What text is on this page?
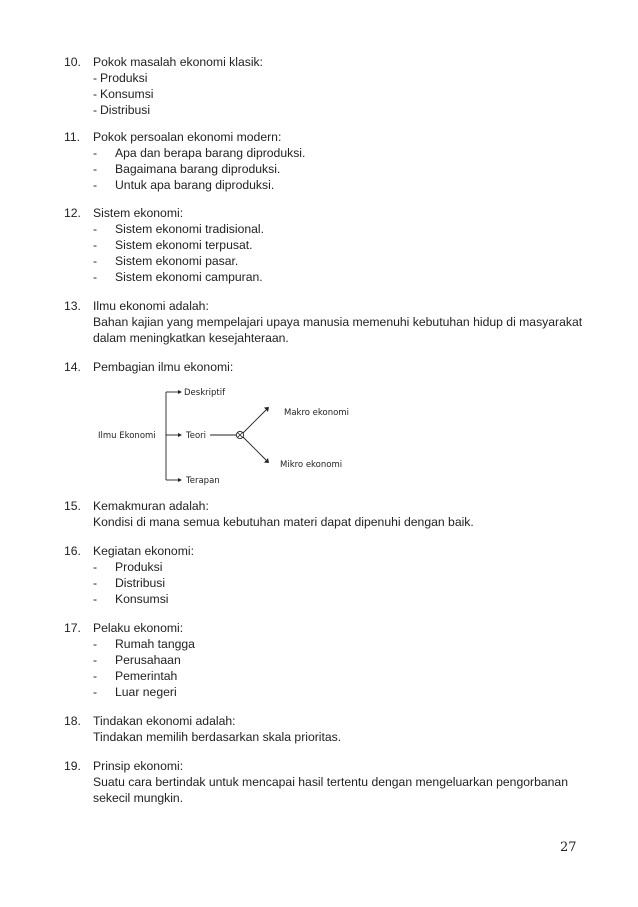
10. Pokok masalah ekonomi klasik:
- Produksi
- Konsumsi
- Distribusi
11.	Pokok persoalan ekonomi modern:
-	Apa dan berapa barang diproduksi.
-	Bagaimana barang diproduksi.
-	Untuk apa barang diproduksi.
12. Sistem ekonomi:
-	Sistem ekonomi tradisional.
-	Sistem ekonomi terpusat.
-	Sistem ekonomi pasar.
-	Sistem ekonomi campuran.
13. Ilmu ekonomi adalah:
Bahan kajian yang mempelajari upaya manusia memenuhi kebutuhan hidup di masyarakat
dalam meningkatkan kesejahteraan.
14. Pembagian ilmu ekonomi:
Deskriptif
Ilmu Ekonomi	Teori
Terapan
Makro ekonomi
Mikro ekonomi
15. Kemakmuran adalah:
Kondisi di mana semua kebutuhan materi dapat dipenuhi dengan baik.
16. Kegiatan ekonomi:
-	Produksi
-	Distribusi
-	Konsumsi
17. Pelaku ekonomi:
-	Rumah tangga
-	Perusahaan
-	Pemerintah
-	Luar negeri
18. Tindakan ekonomi adalah:
Tindakan memilih berdasarkan skala prioritas.
19. Prinsip ekonomi:
Suatu cara bertindak untuk mencapai hasil tertentu dengan mengeluarkan pengorbanan
sekecil mungkin.
27
